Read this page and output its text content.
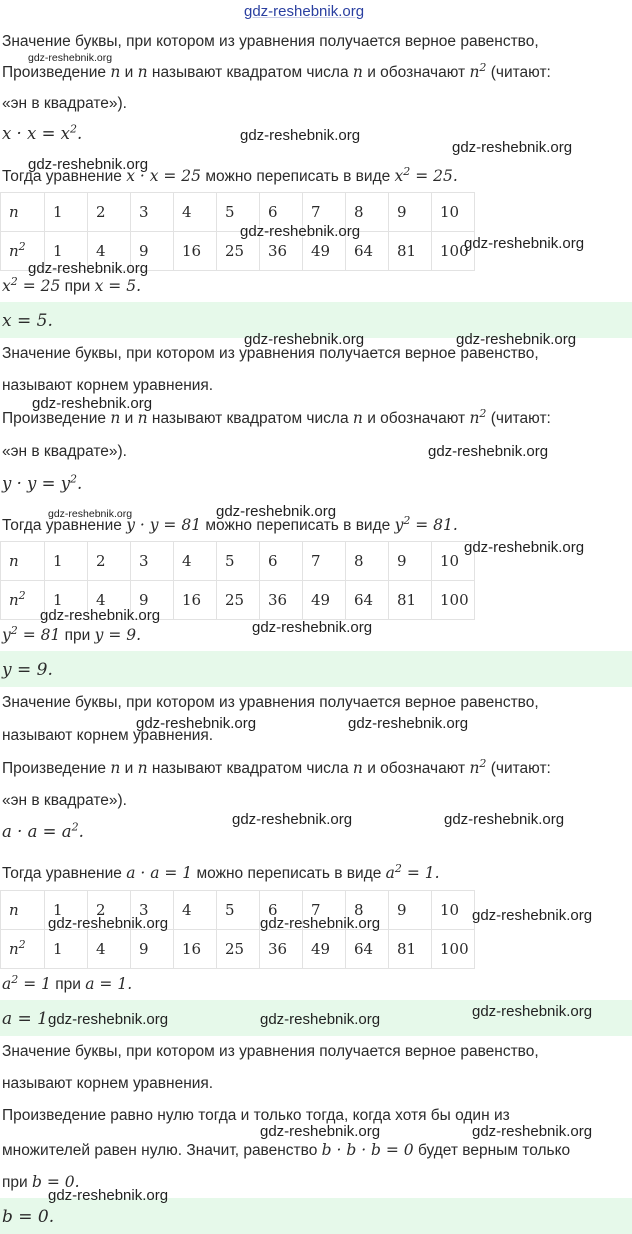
gdz-reshebnik.org
Значение буквы, при котором из уравнения получается верное равенство,
Произведение n и n называют квадратом числа n и обозначают $n^2$ (читают:
«эн в квадрате»).
$x \cdot x = x^2$.
Тогда уравнение x · x = 25 можно переписать в виде $x^2 = 25$.
n	1	2	3	4	5	6	7	8	9	10
$n^2$	1	4	9	16	25	36	49	64	81	100
$x^2 = 25$ при x = 5.
x = 5.
Значение буквы, при котором из уравнения получается верное равенство,
называют корнем уравнения.
Произведение n и n называют квадратом числа n и обозначают $n^2$ (читают:
«эн в квадрате»).
$y \cdot y = y^2$.
Тогда уравнение y · y = 81 можно переписать в виде $y^2 = 81$.
n	1	2	3	4	5	6	7	8	9	10
$n^2$	1	4	9	16	25	36	49	64	81	100
$y^2 = 81$ при y = 9.
y = 9.
Значение буквы, при котором из уравнения получается верное равенство,
называют корнем уравнения.
Произведение n и n называют квадратом числа n и обозначают $n^2$ (читают:
«эн в квадрате»).
$a \cdot a = a^2$.
Тогда уравнение a · a = 1 можно переписать в виде $a^2 = 1$.
n	1	2	3	4	5	6	7	8	9	10
$n^2$	1	4	9	16	25	36	49	64	81	100
$a^2 = 1$ при a = 1.
a = 1
Значение буквы, при котором из уравнения получается верное равенство,
называют корнем уравнения.
Произведение равно нулю тогда и только тогда, когда хотя бы один из
множителей равен нулю. Значит, равенство b · b · b = 0 будет верным только
при b = 0.
b = 0.
gdz-reshebnik.org
gdz-reshebnik.org
gdz-reshebnik.org
gdz-reshebnik.org
gdz-reshebnik.org
gdz-reshebnik.org
gdz-reshebnik.org
gdz-reshebnik.org	gdz-reshebnik.org
gdz-reshebnik.org
gdz-reshebnik.org
gdz-reshebnik.org	gdz-reshebnik.org
gdz-reshebnik.org
gdz-reshebnik.org
gdz-reshebnik.org
gdz-reshebnik.org	gdz-reshebnik.org
gdz-reshebnik.org	gdz-reshebnik.org
gdz-reshebnik.org	gdz-reshebnik.org	gdz-reshebnik.org
gdz-reshebnik.org	gdz-reshebnik.org	gdz-reshebnik.org
gdz-reshebnik.org	gdz-reshebnik.org
gdz-reshebnik.org
